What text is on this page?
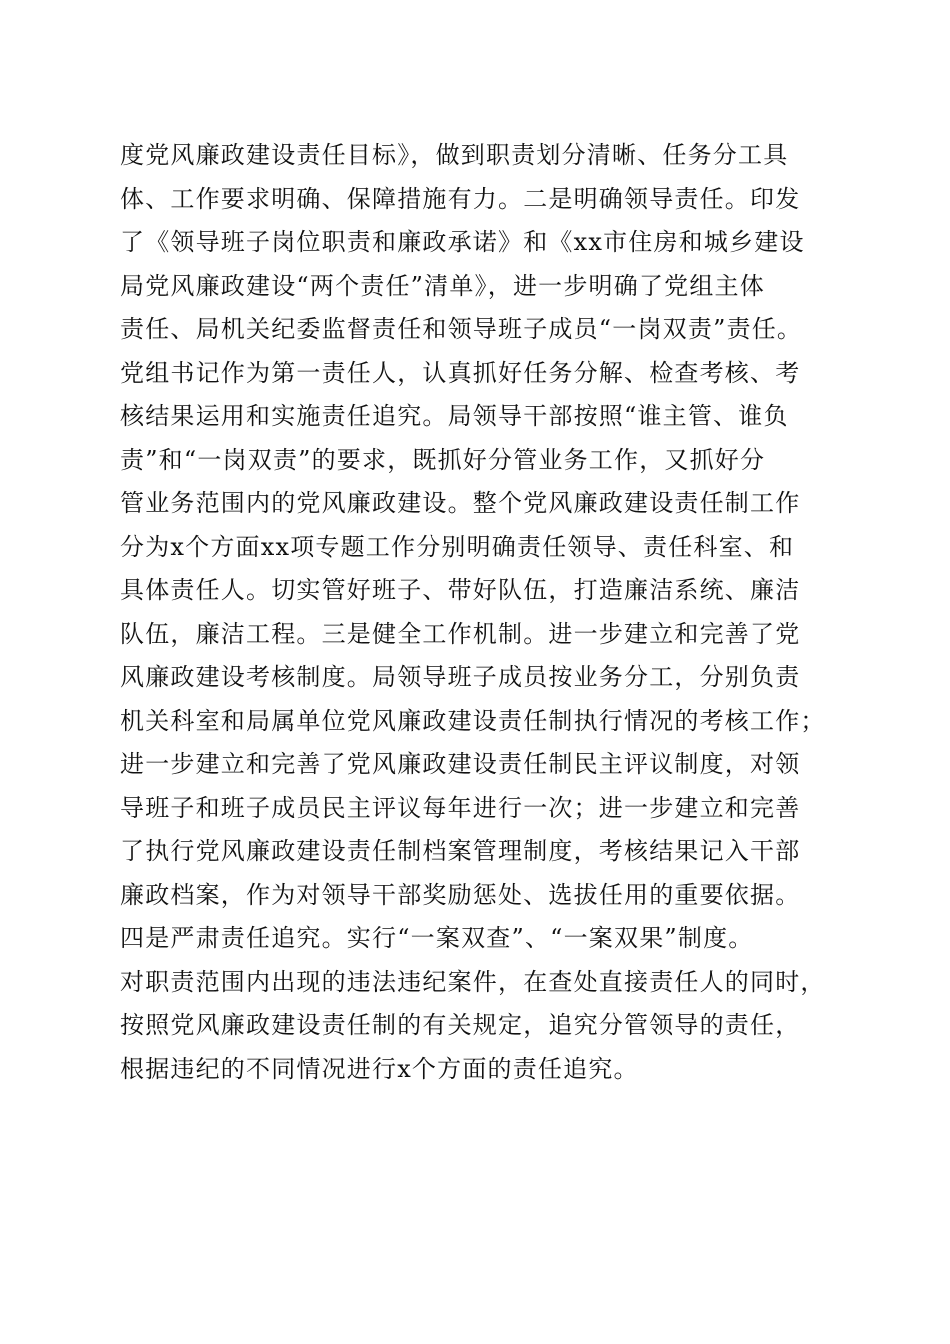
度党风廉政建设责任目标》，做到职责划分清晰、任务分工具
体、工作要求明确、保障措施有力。二是明确领导责任。印发
了《领导班子岗位职责和廉政承诺》和《xx市住房和城乡建设
局党风廉政建设“两个责任”清单》，进一步明确了党组主体
责任、局机关纪委监督责任和领导班子成员“一岗双责”责任。
党组书记作为第一责任人，认真抓好任务分解、检查考核、考
核结果运用和实施责任追究。局领导干部按照“谁主管、谁负
责”和“一岗双责”的要求，既抓好分管业务工作，又抓好分
管业务范围内的党风廉政建设。整个党风廉政建设责任制工作
分为x个方面xx项专题工作分别明确责任领导、责任科室、和
具体责任人。切实管好班子、带好队伍，打造廉洁系统、廉洁
队伍，廉洁工程。三是健全工作机制。进一步建立和完善了党
风廉政建设考核制度。局领导班子成员按业务分工，分别负责
机关科室和局属单位党风廉政建设责任制执行情况的考核工作；
进一步建立和完善了党风廉政建设责任制民主评议制度，对领
导班子和班子成员民主评议每年进行一次；进一步建立和完善
了执行党风廉政建设责任制档案管理制度，考核结果记入干部
廉政档案，作为对领导干部奖励惩处、选拔任用的重要依据。
四是严肃责任追究。实行“一案双查”、“一案双果”制度。
对职责范围内出现的违法违纪案件，在查处直接责任人的同时，
按照党风廉政建设责任制的有关规定，追究分管领导的责任，
根据违纪的不同情况进行x个方面的责任追究。
